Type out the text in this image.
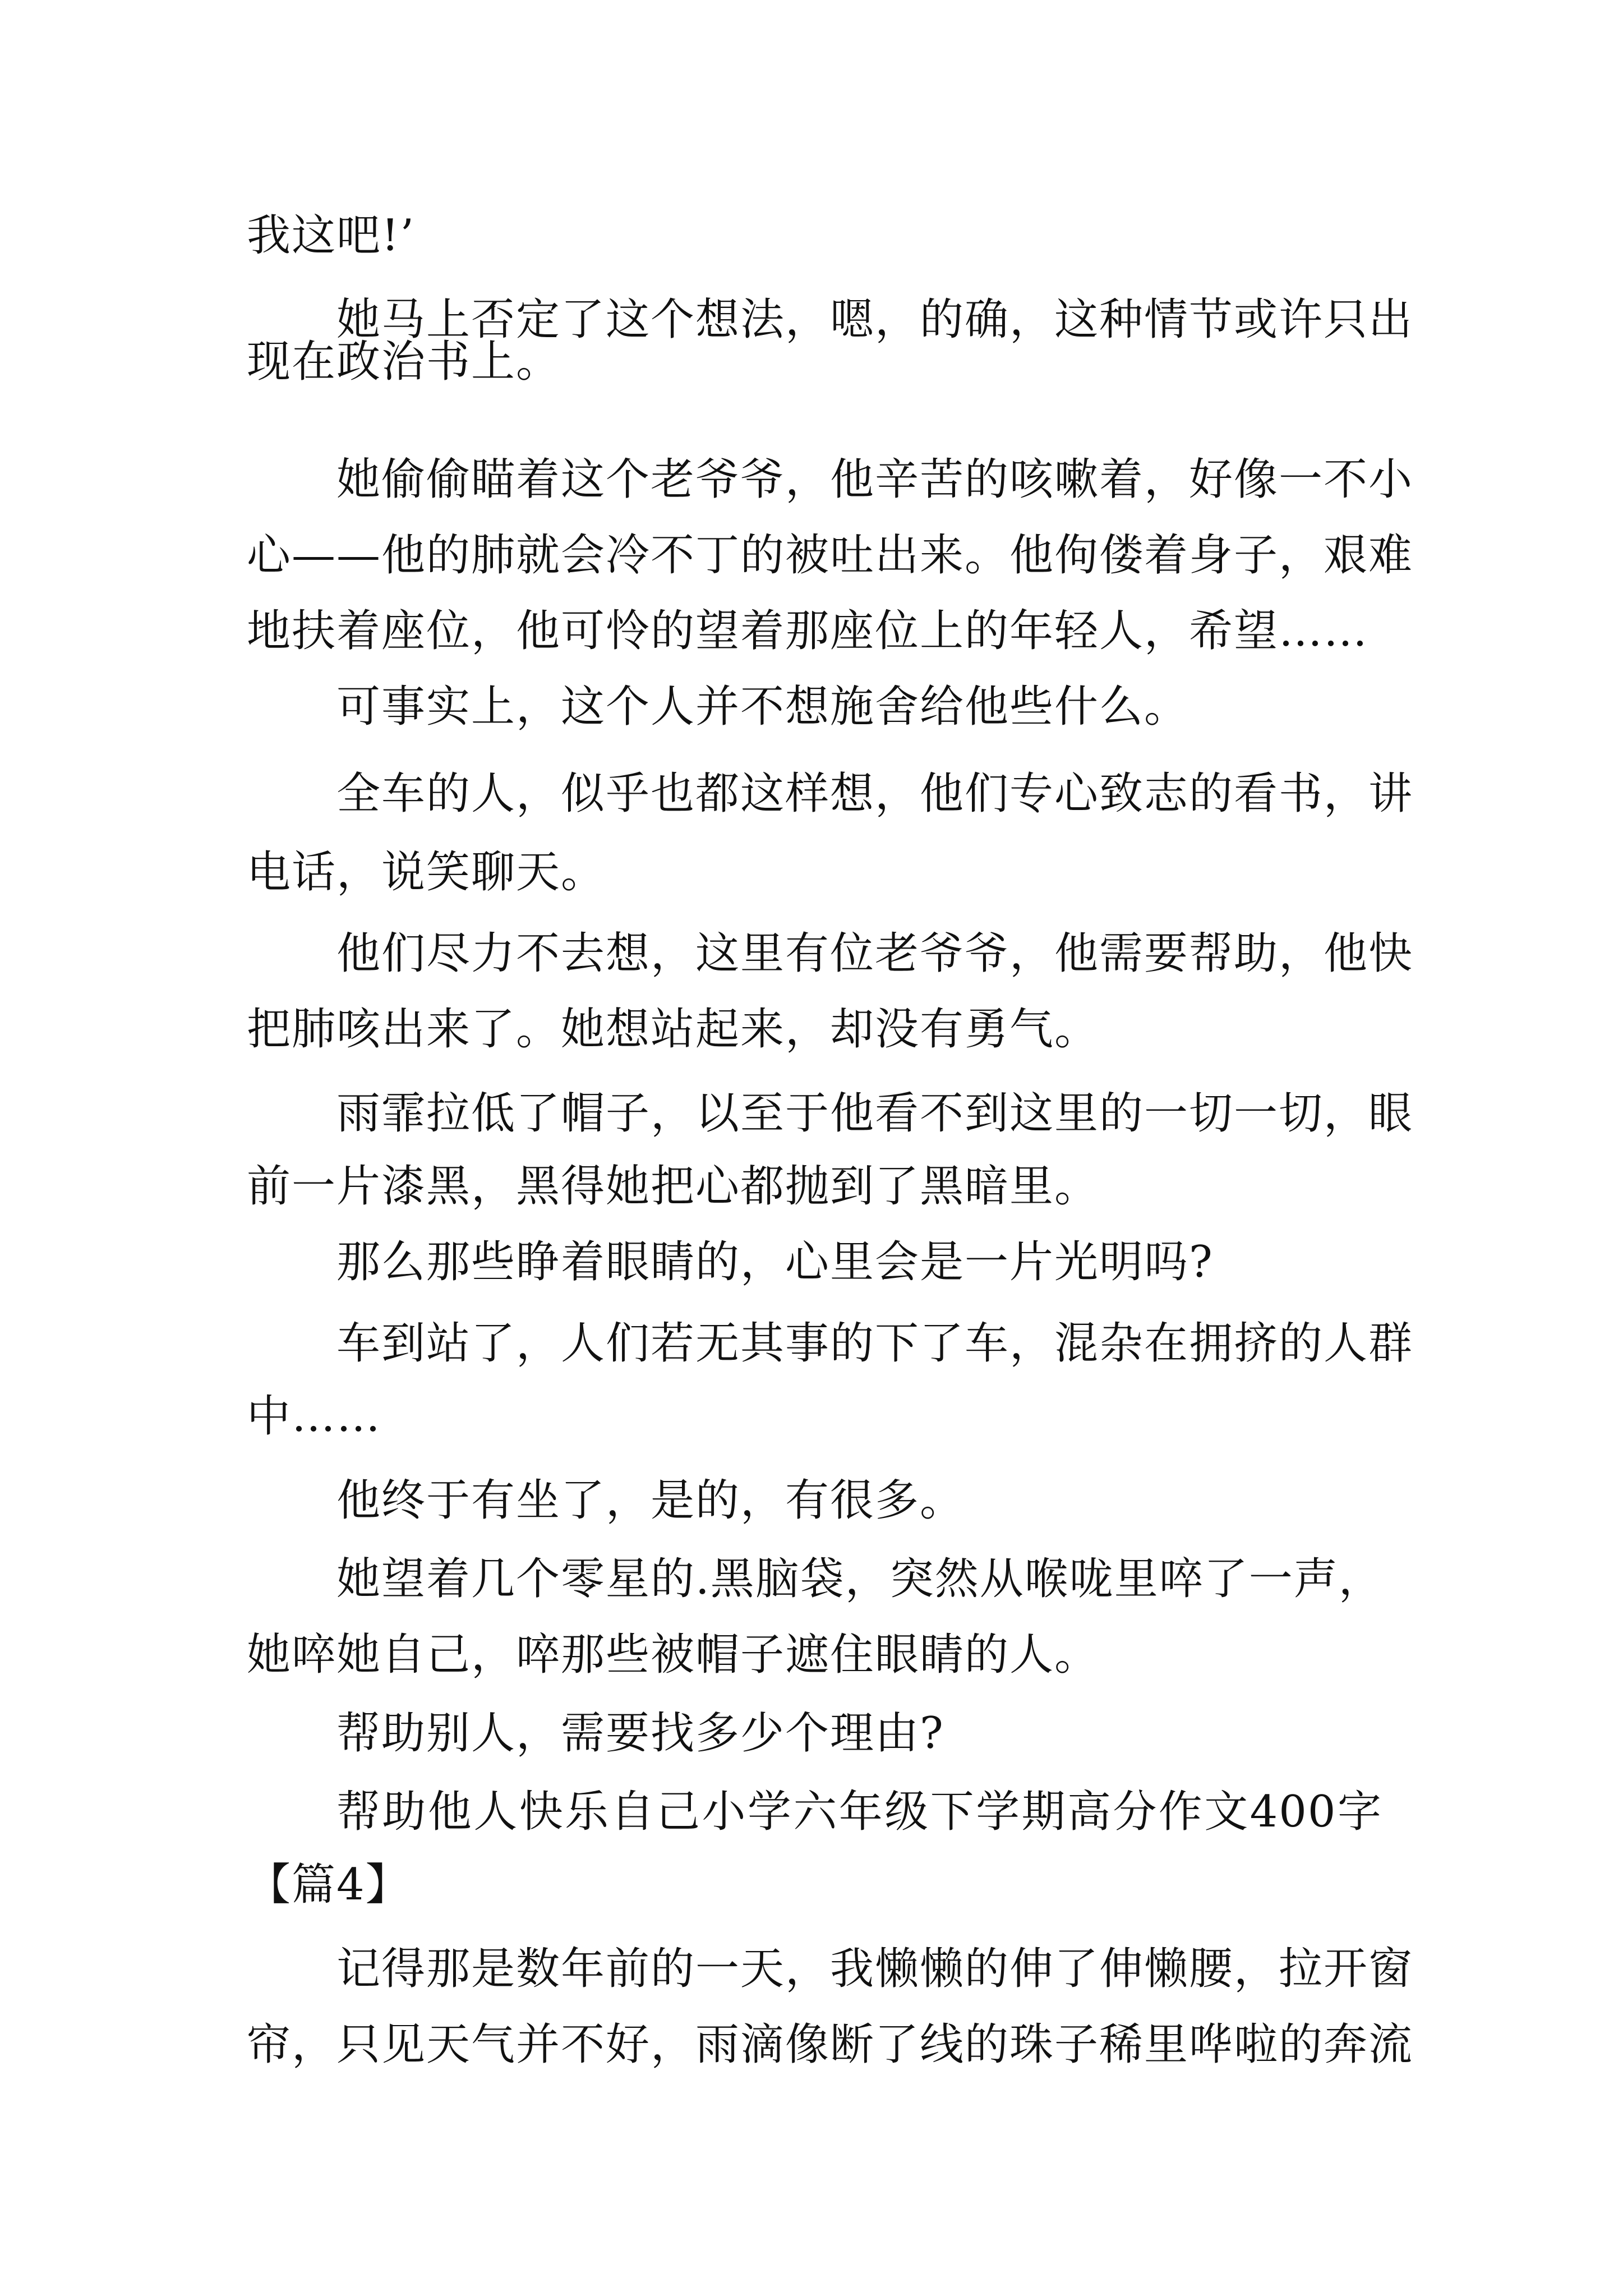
我这吧!’
她马上否定了这个想法，嗯，的确，这种情节或许只出
现在政治书上。
她偷偷瞄着这个老爷爷，他辛苦的咳嗽着，好像一不小
心——他的肺就会冷不丁的被吐出来。他佝偻着身子，艰难
地扶着座位，他可怜的望着那座位上的年轻人，希望……
可事实上，这个人并不想施舍给他些什么。
全车的人，似乎也都这样想，他们专心致志的看书，讲
电话，说笑聊天。
他们尽力不去想，这里有位老爷爷，他需要帮助，他快
把肺咳出来了。她想站起来，却没有勇气。
雨霏拉低了帽子，以至于他看不到这里的一切一切，眼
前一片漆黑，黑得她把心都抛到了黑暗里。
那么那些睁着眼睛的，心里会是一片光明吗?
车到站了，人们若无其事的下了车，混杂在拥挤的人群
中……
他终于有坐了，是的，有很多。
她望着几个零星的.黑脑袋，突然从喉咙里啐了一声，
她啐她自己，啐那些被帽子遮住眼睛的人。
帮助别人，需要找多少个理由?
帮助他人快乐自己小学六年级下学期高分作文400字
【篇4】
记得那是数年前的一天，我懒懒的伸了伸懒腰，拉开窗
帘，只见天气并不好，雨滴像断了线的珠子稀里哗啦的奔流
